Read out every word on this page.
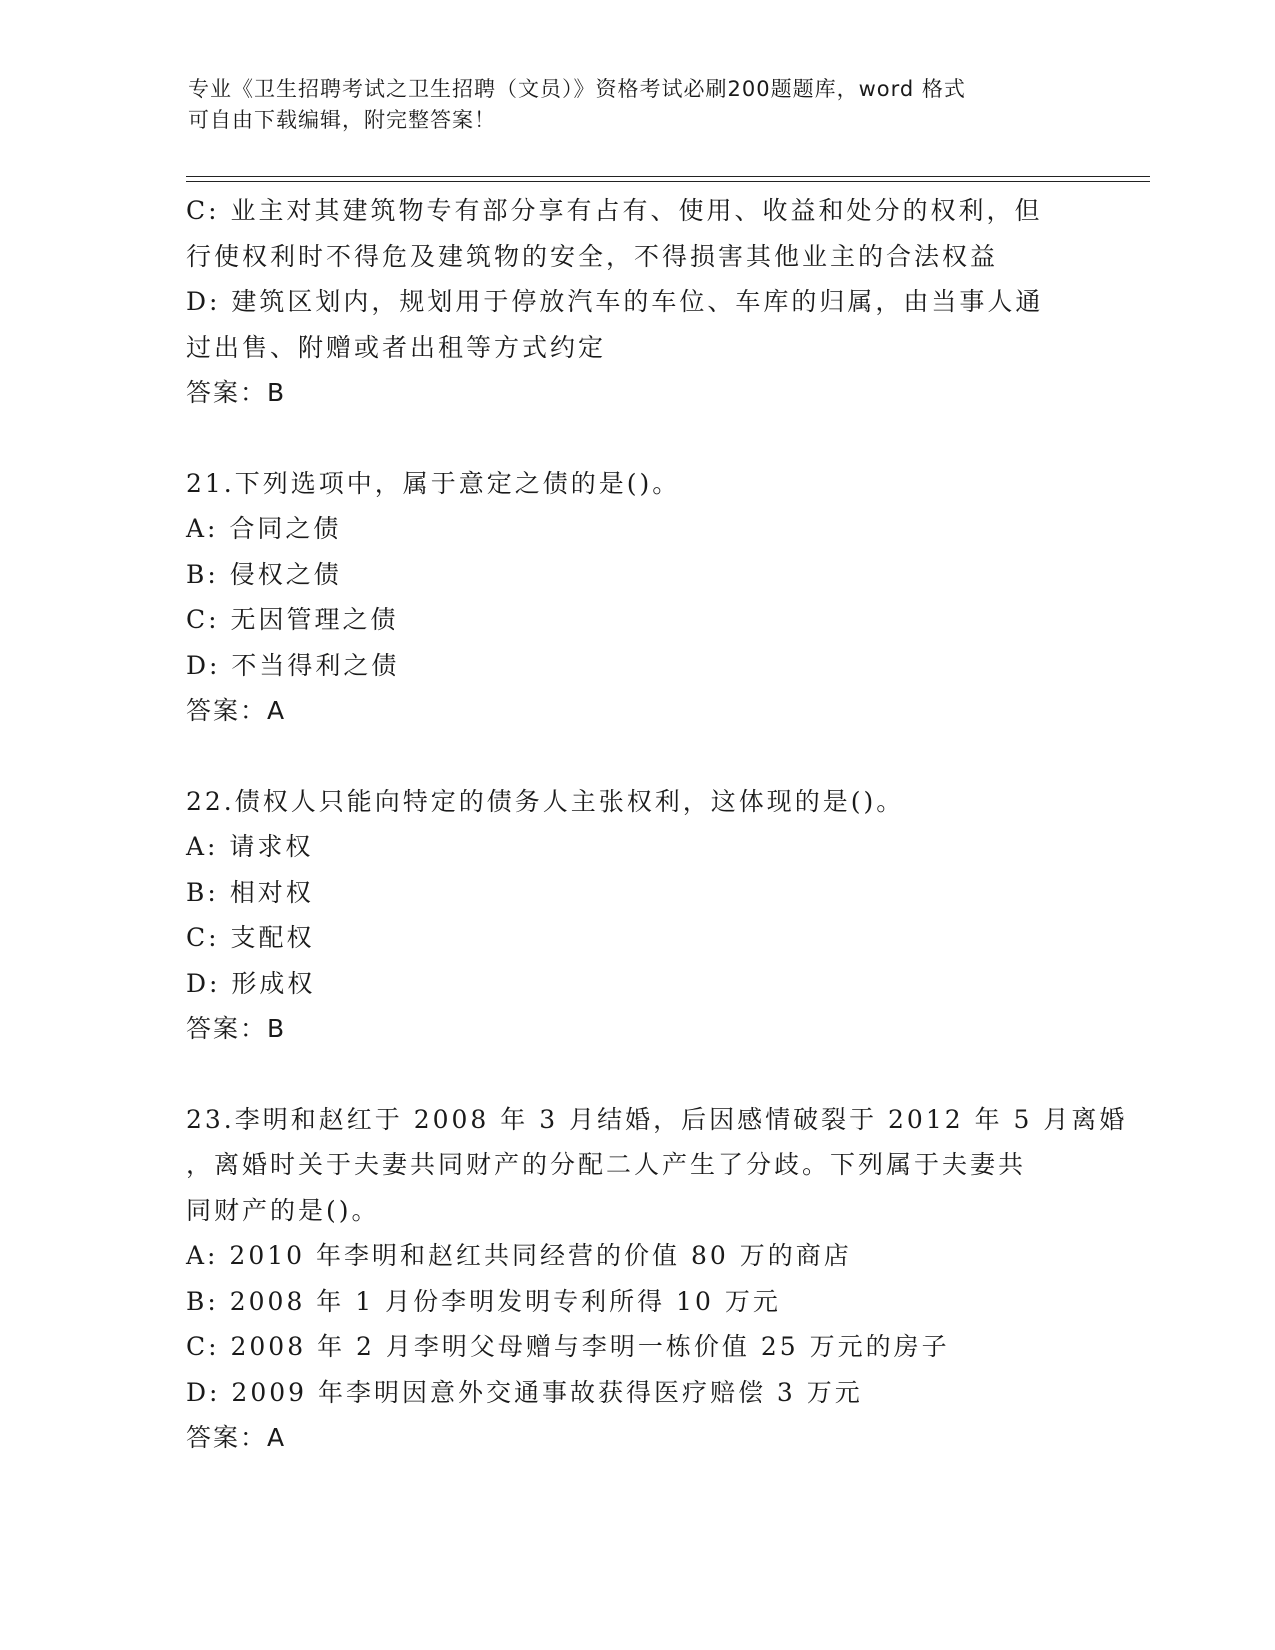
专业《卫生招聘考试之卫生招聘（文员）》资格考试必刷200题题库，word 格式
可自由下载编辑，附完整答案！
C: 业主对其建筑物专有部分享有占有、使用、收益和处分的权利，但
行使权利时不得危及建筑物的安全，不得损害其他业主的合法权益
D: 建筑区划内，规划用于停放汽车的车位、车库的归属，由当事人通
过出售、附赠或者出租等方式约定
答案：B
21.下列选项中，属于意定之债的是()。
A: 合同之债
B: 侵权之债
C: 无因管理之债
D: 不当得利之债
答案：A
22.债权人只能向特定的债务人主张权利，这体现的是()。
A: 请求权
B: 相对权
C: 支配权
D: 形成权
答案：B
23.李明和赵红于 2008 年 3 月结婚，后因感情破裂于 2012 年 5 月离婚
，离婚时关于夫妻共同财产的分配二人产生了分歧。下列属于夫妻共
同财产的是()。
A: 2010 年李明和赵红共同经营的价值 80 万的商店
B: 2008 年 1 月份李明发明专利所得 10 万元
C: 2008 年 2 月李明父母赠与李明一栋价值 25 万元的房子
D: 2009 年李明因意外交通事故获得医疗赔偿 3 万元
答案：A
